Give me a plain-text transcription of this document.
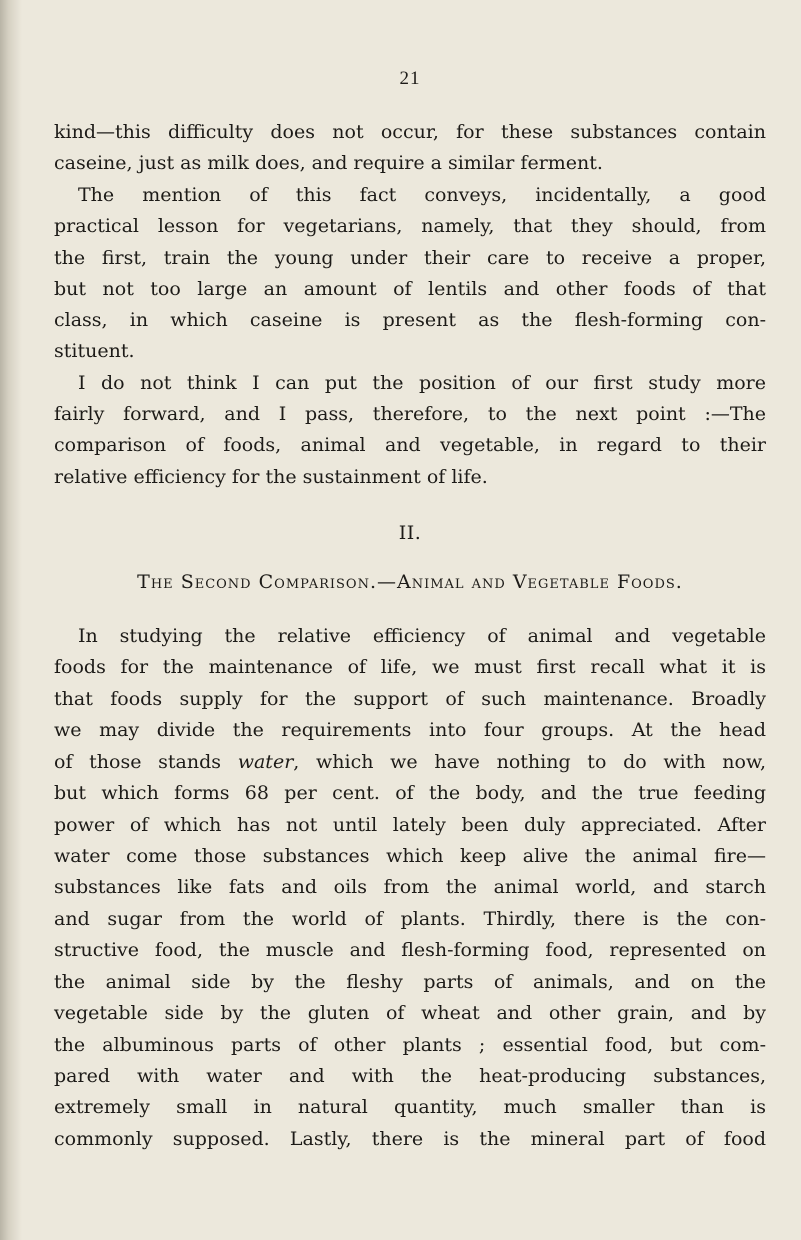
21
kind—this difficulty does not occur, for these substances contain
caseine, just as milk does, and require a similar ferment.
The mention of this fact conveys, incidentally, a good
practical lesson for vegetarians, namely, that they should, from
the first, train the young under their care to receive a proper,
but not too large an amount of lentils and other foods of that
class, in which caseine is present as the flesh-forming con-
stituent.
I do not think I can put the position of our first study more
fairly forward, and I pass, therefore, to the next point :—The
comparison of foods, animal and vegetable, in regard to their
relative efficiency for the sustainment of life.
II.
The Second Comparison.—Animal and Vegetable Foods.
In studying the relative efficiency of animal and vegetable
foods for the maintenance of life, we must first recall what it is
that foods supply for the support of such maintenance. Broadly
we may divide the requirements into four groups. At the head
of those stands water, which we have nothing to do with now,
but which forms 68 per cent. of the body, and the true feeding
power of which has not until lately been duly appreciated. After
water come those substances which keep alive the animal fire—
substances like fats and oils from the animal world, and starch
and sugar from the world of plants. Thirdly, there is the con-
structive food, the muscle and flesh-forming food, represented on
the animal side by the fleshy parts of animals, and on the
vegetable side by the gluten of wheat and other grain, and by
the albuminous parts of other plants ; essential food, but com-
pared with water and with the heat-producing substances,
extremely small in natural quantity, much smaller than is
commonly supposed. Lastly, there is the mineral part of food
